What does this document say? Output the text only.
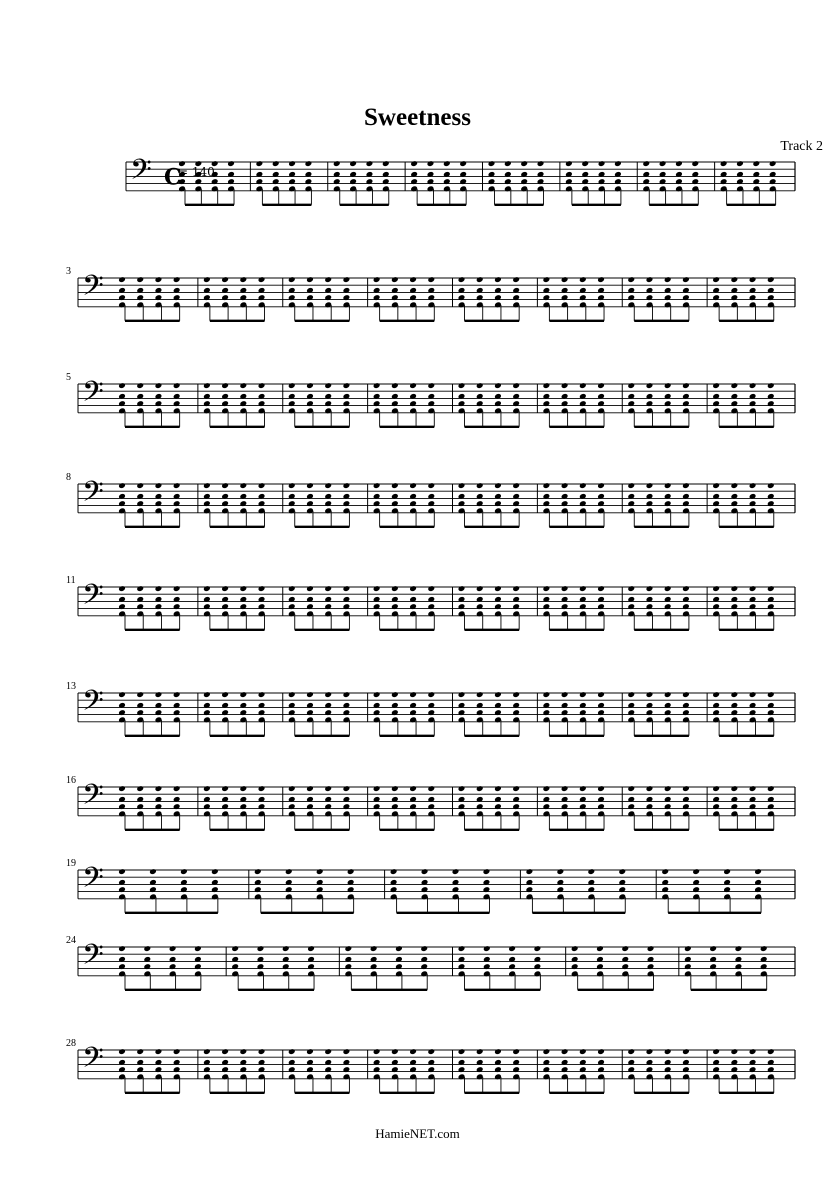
Sweetness
Track 2
𝄢
𝄢
3
𝄢
5
𝄢
8
𝄢
11
𝄢
13
𝄢
16
𝄢
19
𝄢
24
𝄢
28
C
= 140
HamieNET.com
